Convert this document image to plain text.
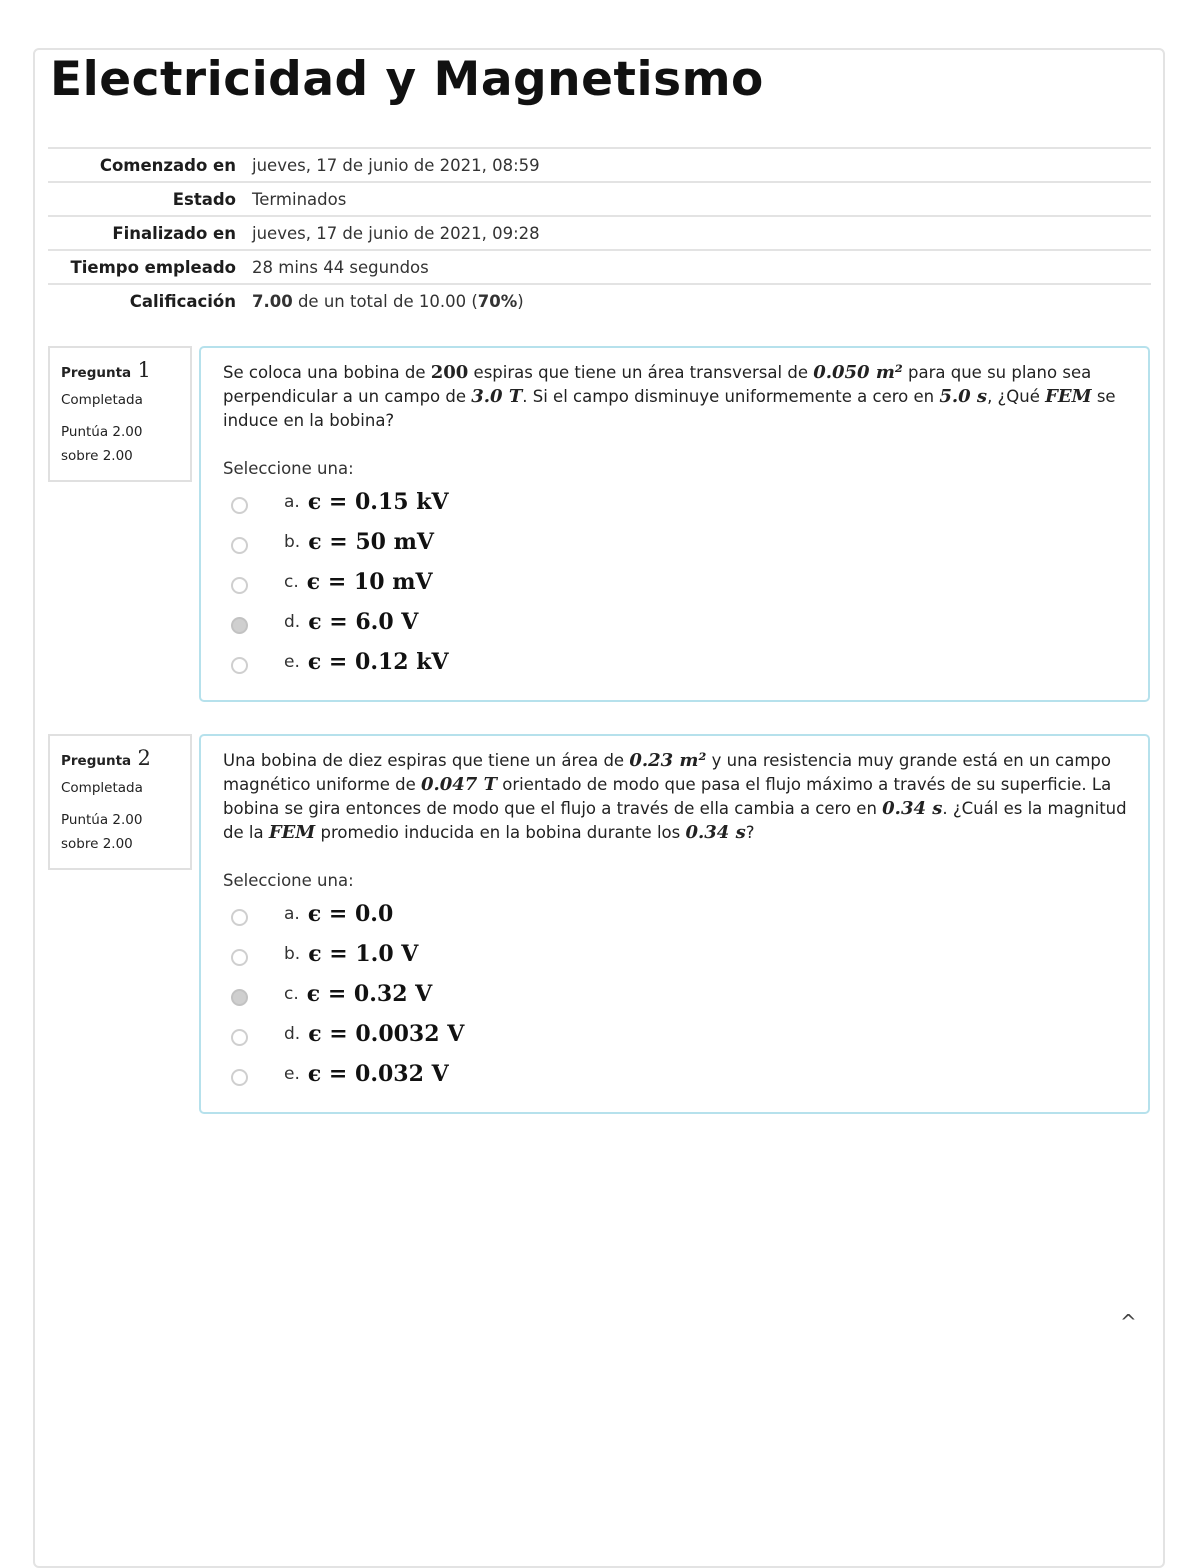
Electricidad y Magnetismo
Comenzado en	jueves, 17 de junio de 2021, 08:59
Estado	Terminados
Finalizado en	jueves, 17 de junio de 2021, 09:28
Tiempo empleado	28 mins 44 segundos
Calificación	7.00 de un total de 10.00 (70%)
Pregunta 1
Completada
Puntúa 2.00 sobre 2.00

Se coloca una bobina de 200 espiras que tiene un área transversal de 0.050 m² para que su plano sea perpendicular a un campo de 3.0 T. Si el campo disminuye uniformemente a cero en 5.0 s, ¿Qué FEM se induce en la bobina?

Seleccione una:
a. ϵ = 0.15 kV
b. ϵ = 50 mV
c. ϵ = 10 mV
d. ϵ = 6.0 V
e. ϵ = 0.12 kV
Pregunta 2
Completada
Puntúa 2.00 sobre 2.00

Una bobina de diez espiras que tiene un área de 0.23 m² y una resistencia muy grande está en un campo magnético uniforme de 0.047 T orientado de modo que pasa el flujo máximo a través de su superficie. La bobina se gira entonces de modo que el flujo a través de ella cambia a cero en 0.34 s. ¿Cuál es la magnitud de la FEM promedio inducida en la bobina durante los 0.34 s?

Seleccione una:
a. ϵ = 0.0
b. ϵ = 1.0 V
c. ϵ = 0.32 V
d. ϵ = 0.0032 V
e. ϵ = 0.032 V
^
